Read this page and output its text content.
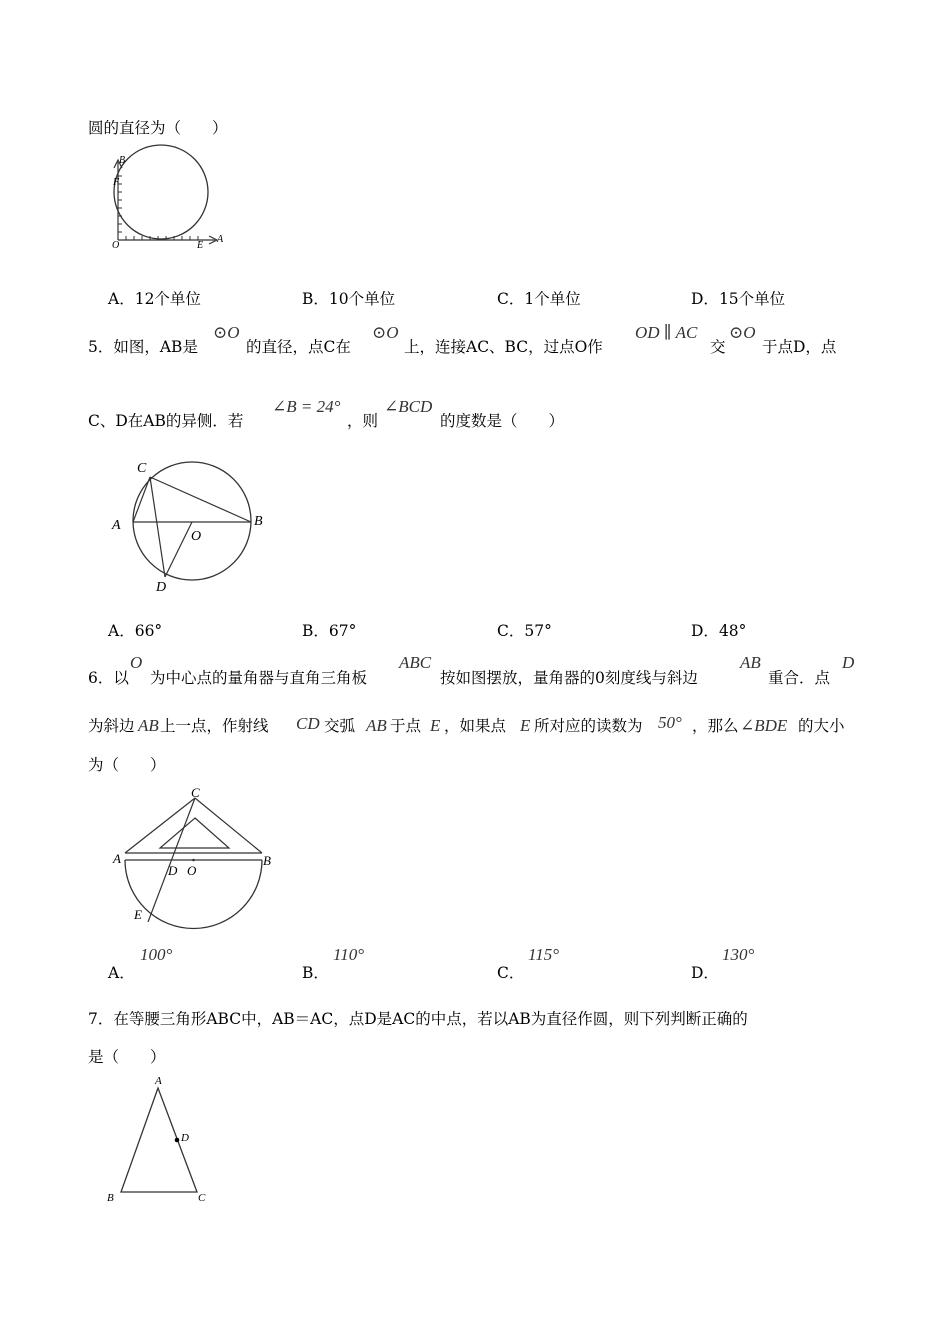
圆的直径为（　　）
B
F
O	E
A
A．12个单位	B．10个单位	C．1个单位	D．15个单位
5．如图，AB是
⊙O
的直径，点C在
⊙O
上，连接AC、BC，过点O作
OD ∥ AC
交
⊙O
于点D，点
C、D在AB的异侧．若
∠B = 24°
，则
∠BCD
的度数是（　　）
C
A	B
O
D
A．66°	B．67°	C．57°	D．48°
6．以
O
为中心点的量角器与直角三角板
ABC
按如图摆放，量角器的0刻度线与斜边
AB
重合．点
D
为斜边 AB 上一点，作射线 CD 交弧 AB 于点 E ，如果点 E 所对应的读数为 50° ，那么 ∠BDE 的大小
为（　　）
C
A	B
D O
E
A．
100°
B．
110°
C．
115°
D．
130°
7．在等腰三角形ABC中，AB＝AC，点D是AC的中点，若以AB为直径作圆，则下列判断正确的
是（　　）
A
D
B	C
